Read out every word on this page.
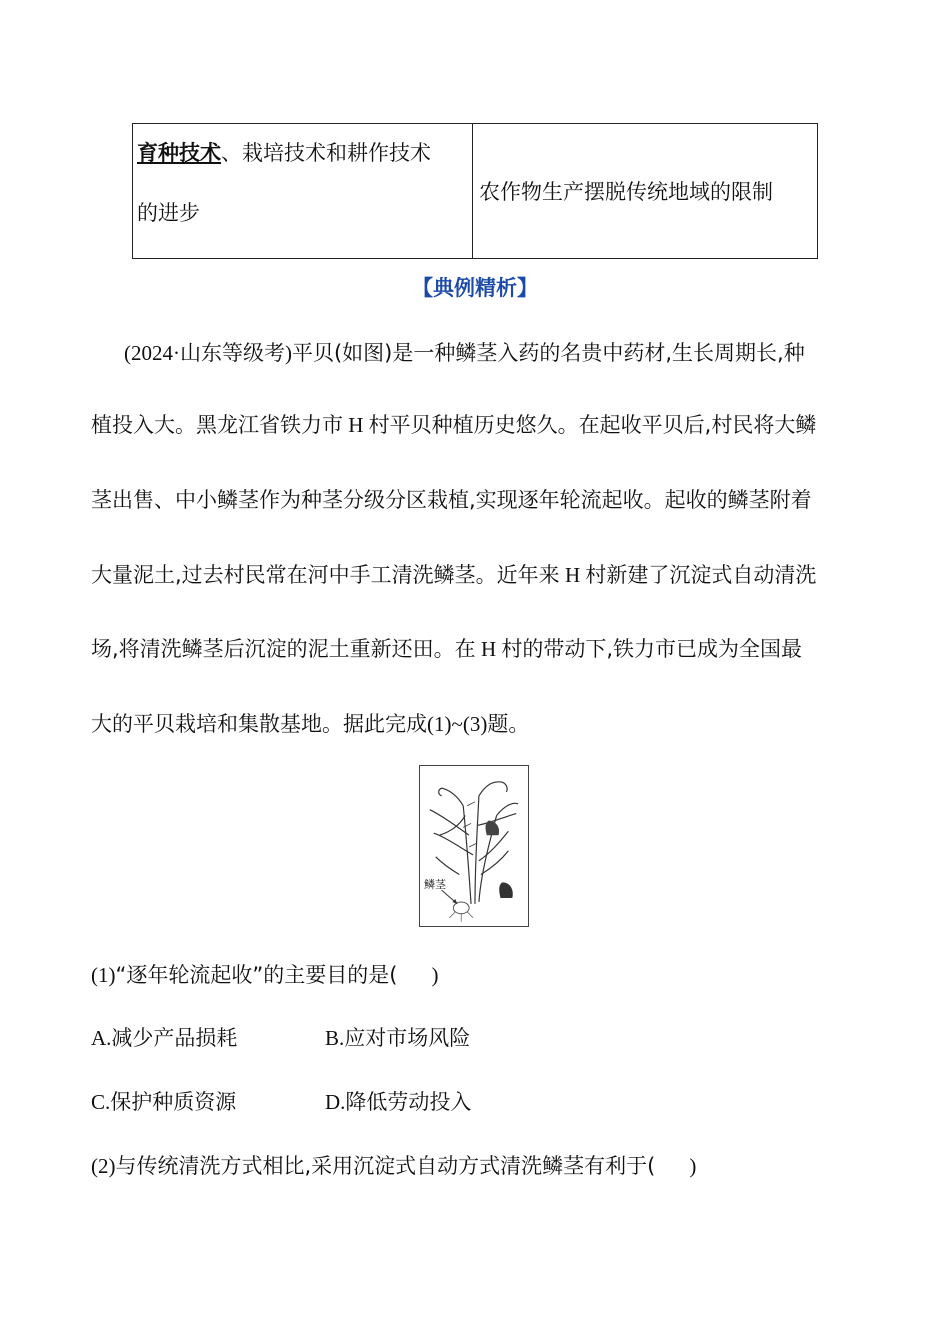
育种技术、栽培技术和耕作技术
的进步
农作物生产摆脱传统地域的限制
【典例精析】
(2024·山东等级考)平贝(如图)是一种鳞茎入药的名贵中药材,生长周期长,种
植投入大。黑龙江省铁力市 H 村平贝种植历史悠久。在起收平贝后,村民将大鳞
茎出售、中小鳞茎作为种茎分级分区栽植,实现逐年轮流起收。起收的鳞茎附着
大量泥土,过去村民常在河中手工清洗鳞茎。近年来 H 村新建了沉淀式自动清洗
场,将清洗鳞茎后沉淀的泥土重新还田。在 H 村的带动下,铁力市已成为全国最
大的平贝栽培和集散基地。据此完成(1)~(3)题。
鳞茎
(1)“逐年轮流起收”的主要目的是( )
A.减少产品损耗	B.应对市场风险
C.保护种质资源	D.降低劳动投入
(2)与传统清洗方式相比,采用沉淀式自动方式清洗鳞茎有利于( )
